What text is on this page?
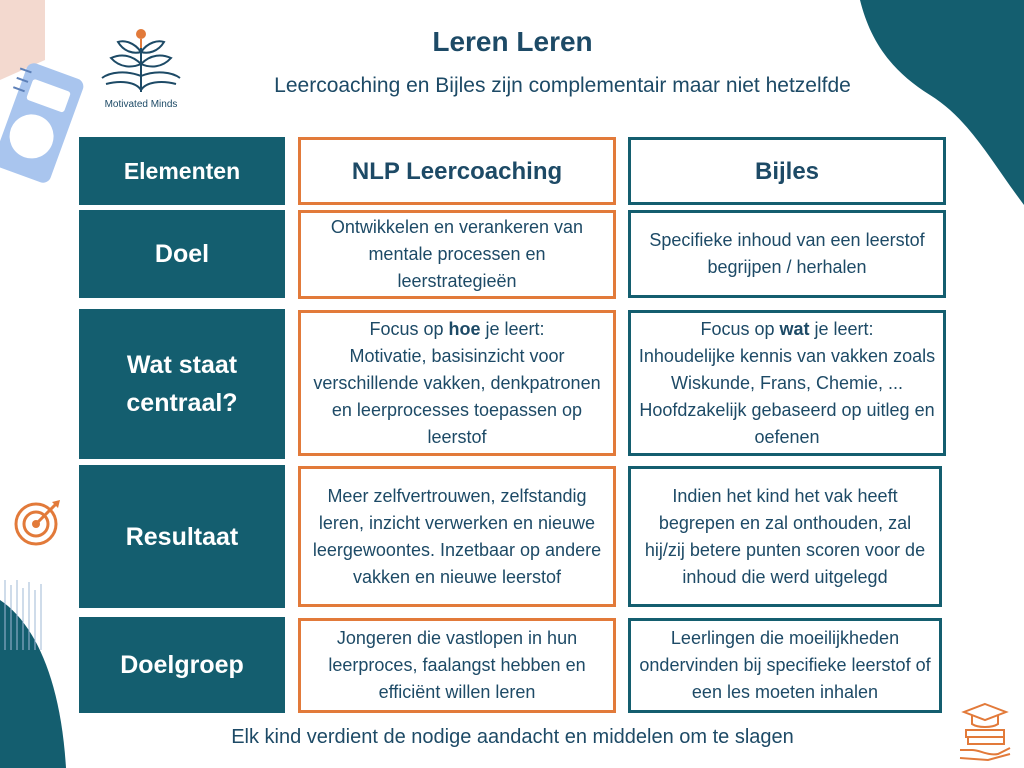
Motivated Minds
Leren Leren
Leercoaching en Bijles zijn complementair maar niet hetzelfde
Elementen	NLP Leercoaching	Bijles
Doel
Ontwikkelen en verankeren van mentale processen en leerstrategieën
Specifieke inhoud van een leerstof begrijpen / herhalen
Wat staat centraal?
Focus op hoe je leert:
Motivatie, basisinzicht voor verschillende vakken, denkpatronen en leerprocesses toepassen op leerstof
Focus op wat je leert:
Inhoudelijke kennis van vakken zoals Wiskunde, Frans, Chemie, ... Hoofdzakelijk gebaseerd op uitleg en oefenen
Resultaat
Meer zelfvertrouwen, zelfstandig leren, inzicht verwerken en nieuwe leergewoontes. Inzetbaar op andere vakken en nieuwe leerstof
Indien het kind het vak heeft begrepen en zal onthouden, zal hij/zij betere punten scoren voor de inhoud die werd uitgelegd
Doelgroep
Jongeren die vastlopen in hun leerproces, faalangst hebben en efficiënt willen leren
Leerlingen die moeilijkheden ondervinden bij specifieke leerstof of een les moeten inhalen
Elk kind verdient de nodige aandacht en middelen om te slagen
